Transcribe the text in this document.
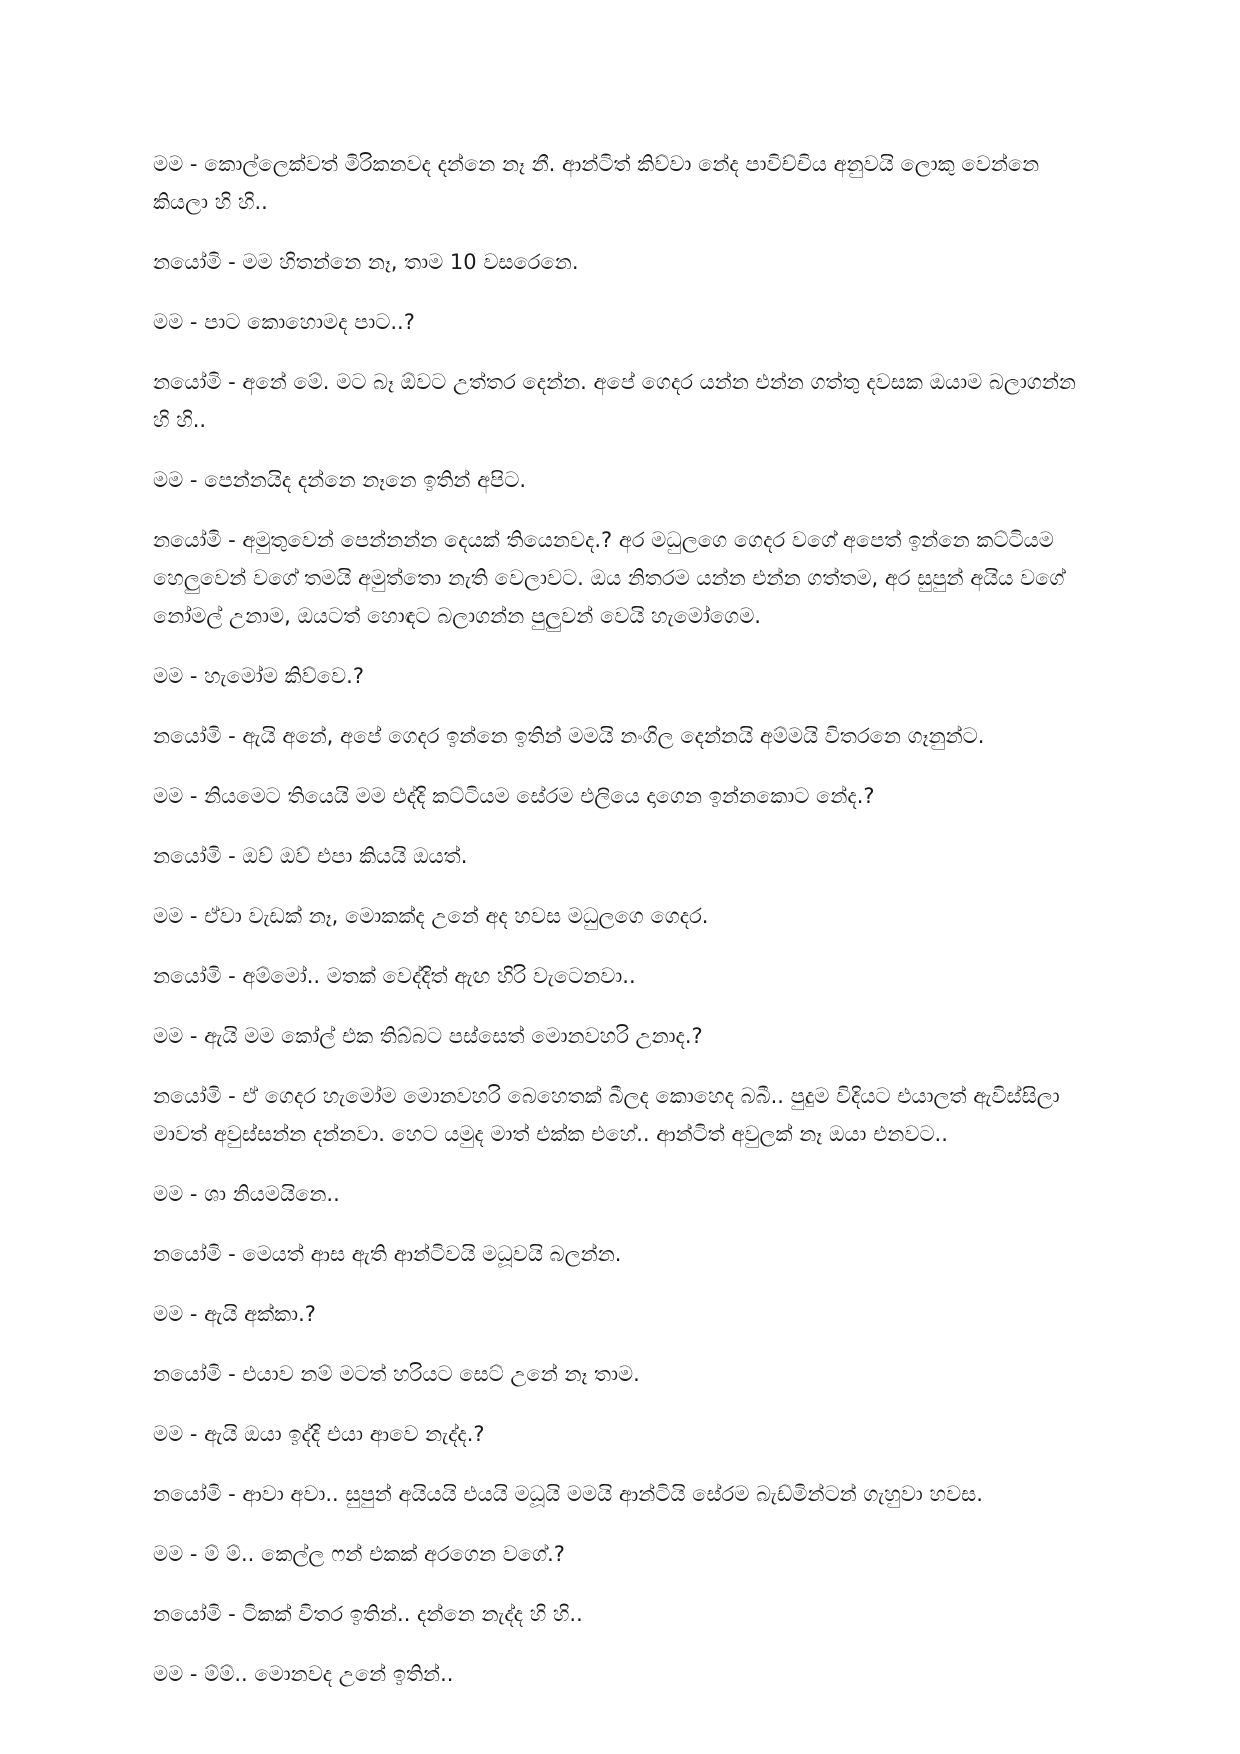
මම - කොල්ලෙක්වත් මිරිකනවද දන්නෙ නෑ නී. ආන්ටිත් කිව්වා නේද පාවිච්චිය අනුවයි ලොකු වෙන්නෙ කියලා හි හි..

නයෝමි - මම හිතන්නෙ නෑ, තාම 10 වසරෙනෙ.

මම - පාට කොහොමද පාට..?

නයෝමි - අනේ මේ. මට බෑ ඕවට උත්තර දෙන්න. අපේ ගෙදර යන්න එන්න ගත්තු දවසක ඔයාම බලාගන්න හි හි..

මම - පෙන්නයිද දන්නෙ නෑනෙ ඉතින් අපිට.

නයෝමි - අමුතුවෙන් පෙන්නන්න දෙයක් තියෙනවද.? අර මධුලගෙ ගෙදර වගේ අපෙත් ඉන්නෙ කට්ටියම හෙලුවෙන් වගේ තමයි අමුත්තො නැති වෙලාවට. ඔය නිතරම යන්න එන්න ගත්තම, අර සුපුන් අයිය වගේ නෝමල් උනාම, ඔයටත් හොඳට බලාගන්න පුලුවන් වෙයි හැමෝගෙම.

මම - හැමෝම කිව්වෙ.?

නයෝමි - ඇයි අනේ, අපේ ගෙදර ඉන්නෙ ඉතින් මමයි නංගිල දෙන්නයි අම්මයි විතරනෙ ගෑනුන්ට.

මම - නියමෙට තියෙයි මම එද්දි කට්ටියම සේරම එලියෙ දාගෙන ඉන්නකොට නේද.?

නයෝමි - ඔව් ඔව් එපා කියයි ඔයත්.

මම - ඒවා වැඩක් නෑ, මොකක්ද උනේ අද හවස මධුලගෙ ගෙදර.

නයෝමි - අම්මෝ.. මතක් වෙද්දිත් ඇඟ හිරි වැටෙනවා..

මම - ඇයි මම කෝල් එක තිබ්බට පස්සෙත් මොනවහරි උනාද.?

නයෝමි - ඒ ගෙදර හැමෝම මොනවහරි බෙහෙතක් බීලද කොහෙද බබී.. පුදුම විදියට එයාලත් ඇවිස්සිලා මාවත් අවුස්සන්න දන්නවා. හෙට යමුද මාත් එක්ක එහේ.. ආන්ටිත් අවුලක් නෑ ඔයා එනවට..

මම - ශා නියමයිනෙ..

නයෝමි - මෙයත් ආස ඇති ආන්ටිවයි මධූවයි බලන්න.

මම - ඇයි අක්කා.?

නයෝමි - එයාව නම් මටත් හරියට සෙට් උනේ නෑ තාම.

මම - ඇයි ඔයා ඉද්දි එයා ආවෙ නැද්ද.?

නයෝමි - ආවා අවා.. සුපුන් අයියයි එයයි මධූයි මමයි ආන්ටියි සේරම බැඩ්මින්ටන් ගැහුවා හවස.

මම - ම් ම්.. කෙල්ල ෆන් එකක් අරගෙන වගේ.?

නයෝමි - ටිකක් විතර ඉතින්.. දන්නෙ නැද්ද හි හි..

මම - ම්ම්.. මොනවද උනේ ඉතින්..
